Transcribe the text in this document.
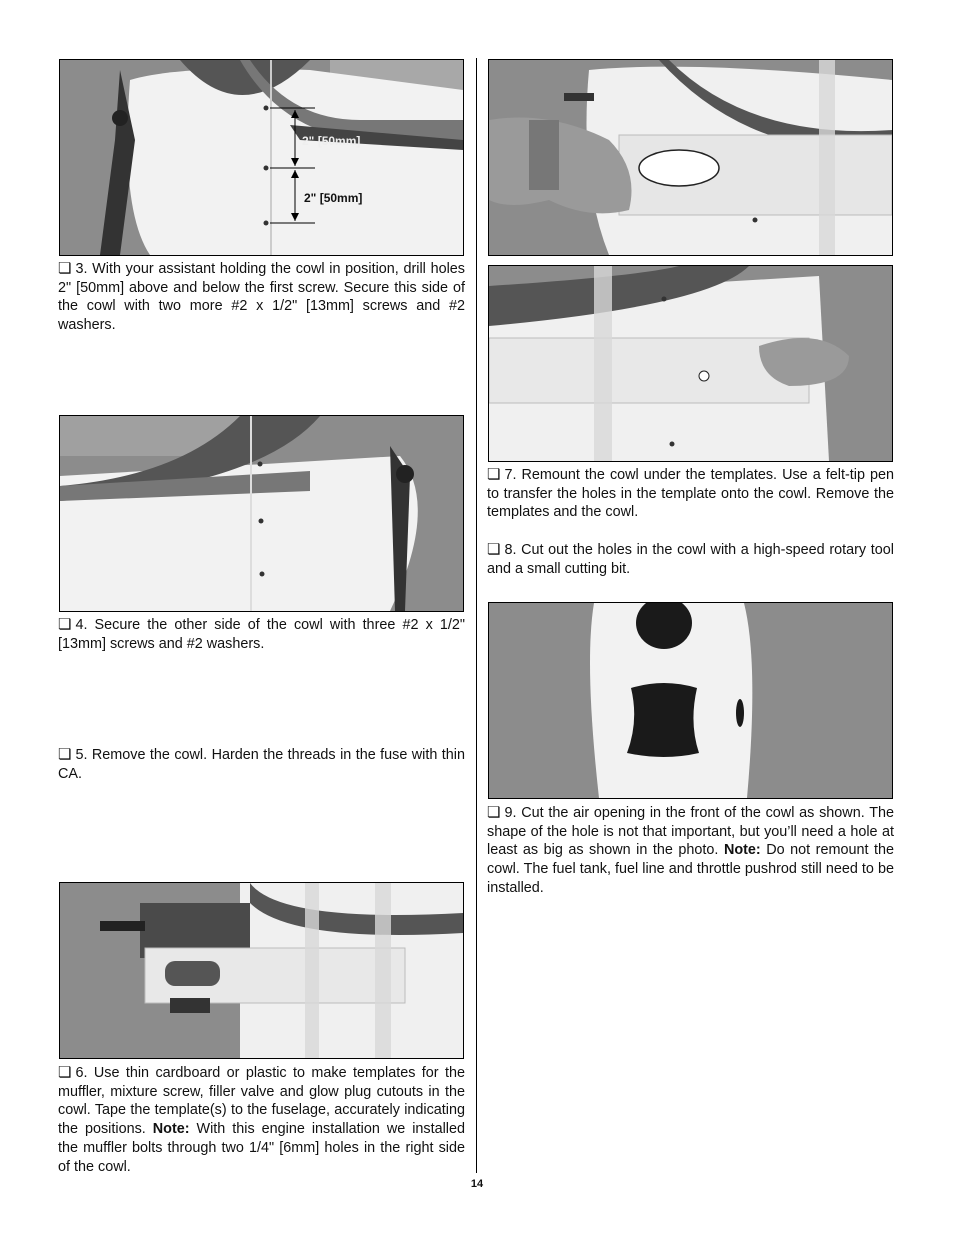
2" [50mm]
2" [50mm]

❏ 3. With your assistant holding the cowl in position, drill holes 2" [50mm] above and below the first screw. Secure this side of the cowl with two more #2 x 1/2" [13mm] screws and #2 washers.

❏ 4. Secure the other side of the cowl with three #2 x 1/2" [13mm] screws and #2 washers.

❏ 5. Remove the cowl. Harden the threads in the fuse with thin CA.

❏ 6. Use thin cardboard or plastic to make templates for the muffler, mixture screw, filler valve and glow plug cutouts in the cowl. Tape the template(s) to the fuselage, accurately indicating the positions. Note: With this engine installation we installed the muffler bolts through two 1/4" [6mm] holes in the right side of the cowl.

❏ 7. Remount the cowl under the templates. Use a felt-tip pen to transfer the holes in the template onto the cowl. Remove the templates and the cowl.

❏ 8. Cut out the holes in the cowl with a high-speed rotary tool and a small cutting bit.

❏ 9. Cut the air opening in the front of the cowl as shown. The shape of the hole is not that important, but you’ll need a hole at least as big as shown in the photo. Note: Do not remount the cowl. The fuel tank, fuel line and throttle pushrod still need to be installed.

14
